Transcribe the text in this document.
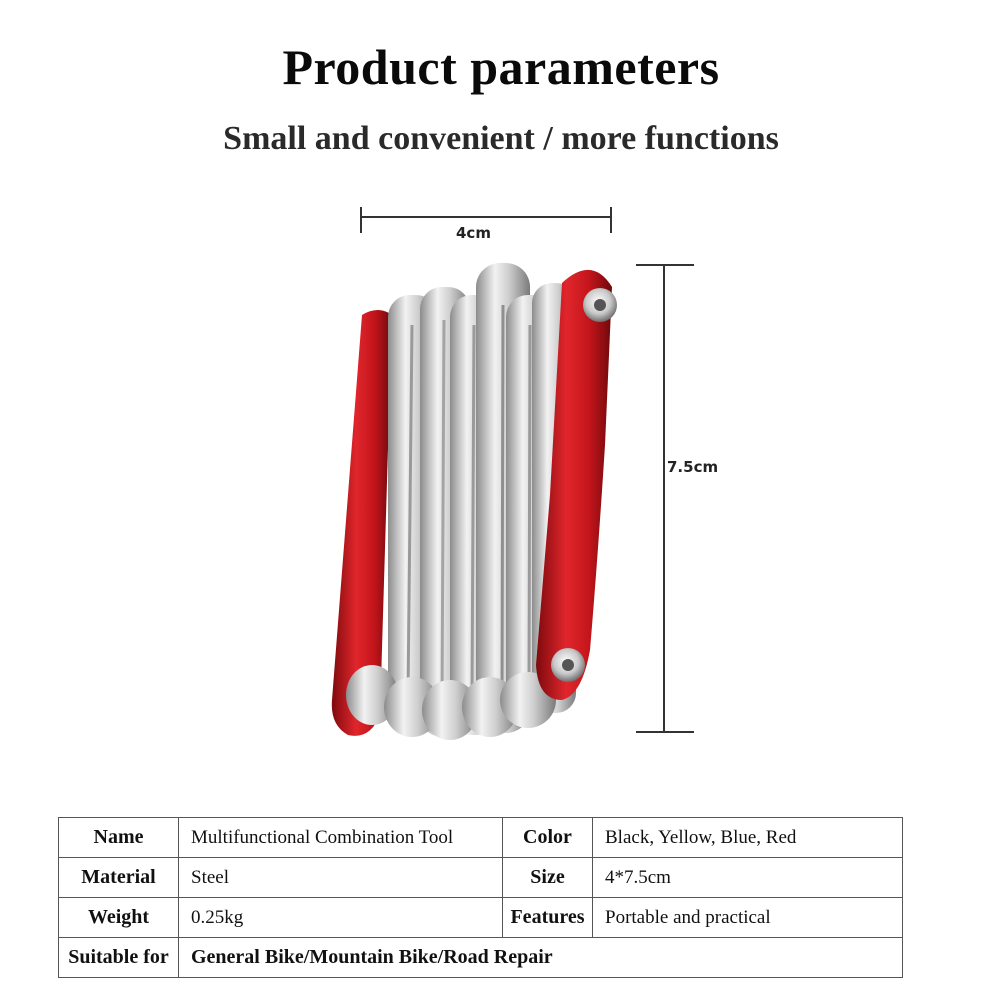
Product parameters
Small and convenient / more functions
4cm
7.5cm
Name	Multifunctional Combination Tool	Color	Black, Yellow, Blue, Red
Material	Steel	Size	4*7.5cm
Weight	0.25kg	Features	Portable and practical
Suitable for	General Bike/Mountain Bike/Road Repair		
